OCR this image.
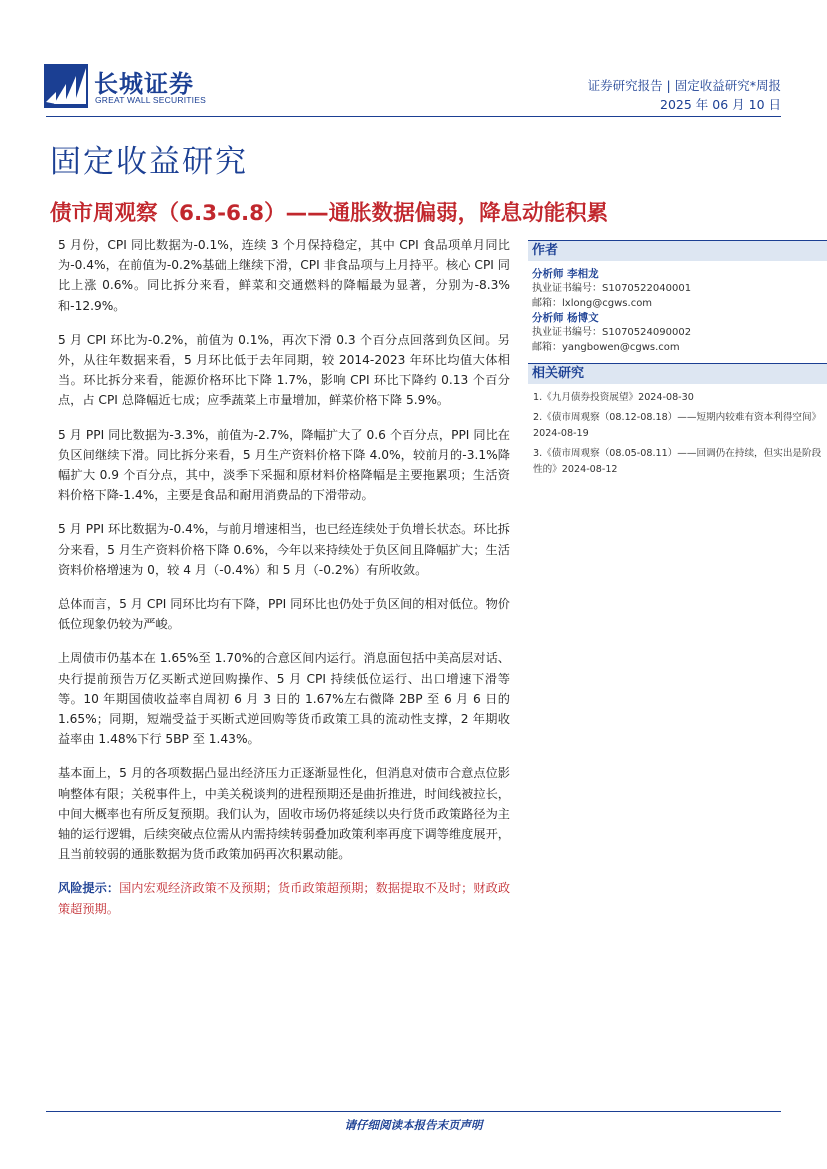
长城证券
GREAT WALL SECURITIES
证券研究报告 | 固定收益研究*周报
2025 年 06 月 10 日
固定收益研究
债市周观察（6.3-6.8）——通胀数据偏弱，降息动能积累

5 月份，CPI 同比数据为-0.1%，连续 3 个月保持稳定，其中 CPI 食品项单月同比为-0.4%，在前值为-0.2%基础上继续下滑，CPI 非食品项与上月持平。核心 CPI 同比上涨 0.6%。同比拆分来看，鲜菜和交通燃料的降幅最为显著，分别为-8.3%和-12.9%。

5 月 CPI 环比为-0.2%，前值为 0.1%，再次下滑 0.3 个百分点回落到负区间。另外，从往年数据来看，5 月环比低于去年同期，较 2014-2023 年环比均值大体相当。环比拆分来看，能源价格环比下降 1.7%，影响 CPI 环比下降约 0.13 个百分点，占 CPI 总降幅近七成；应季蔬菜上市量增加，鲜菜价格下降 5.9%。

5 月 PPI 同比数据为-3.3%，前值为-2.7%，降幅扩大了 0.6 个百分点，PPI 同比在负区间继续下滑。同比拆分来看，5 月生产资料价格下降 4.0%，较前月的-3.1%降幅扩大 0.9 个百分点，其中，淡季下采掘和原材料价格降幅是主要拖累项；生活资料价格下降-1.4%，主要是食品和耐用消费品的下滑带动。

5 月 PPI 环比数据为-0.4%，与前月增速相当，也已经连续处于负增长状态。环比拆分来看，5 月生产资料价格下降 0.6%，今年以来持续处于负区间且降幅扩大；生活资料价格增速为 0，较 4 月（-0.4%）和 5 月（-0.2%）有所收敛。

总体而言，5 月 CPI 同环比均有下降，PPI 同环比也仍处于负区间的相对低位。物价低位现象仍较为严峻。

上周债市仍基本在 1.65%至 1.70%的合意区间内运行。消息面包括中美高层对话、央行提前预告万亿买断式逆回购操作、5 月 CPI 持续低位运行、出口增速下滑等等。10 年期国债收益率自周初 6 月 3 日的 1.67%左右微降 2BP 至 6 月 6 日的 1.65%；同期，短端受益于买断式逆回购等货币政策工具的流动性支撑，2 年期收益率由 1.48%下行 5BP 至 1.43%。

基本面上，5 月的各项数据凸显出经济压力正逐渐显性化，但消息对债市合意点位影响整体有限；关税事件上，中美关税谈判的进程预期还是曲折推进，时间线被拉长，中间大概率也有所反复预期。我们认为，固收市场仍将延续以央行货币政策路径为主轴的运行逻辑，后续突破点位需从内需持续转弱叠加政策利率再度下调等维度展开，且当前较弱的通胀数据为货币政策加码再次积累动能。

风险提示：国内宏观经济政策不及预期；货币政策超预期；数据提取不及时；财政政策超预期。

作者
分析师 李相龙
执业证书编号：S1070522040001
邮箱：lxlong@cgws.com
分析师 杨博文
执业证书编号：S1070524090002
邮箱：yangbowen@cgws.com
相关研究
1.《九月债券投资展望》2024-08-30
2.《债市周观察（08.12-08.18）——短期内较难有资本利得空间》2024-08-19
3.《债市周观察（08.05-08.11）——回调仍在持续，但实出是阶段性的》2024-08-12
请仔细阅读本报告末页声明
